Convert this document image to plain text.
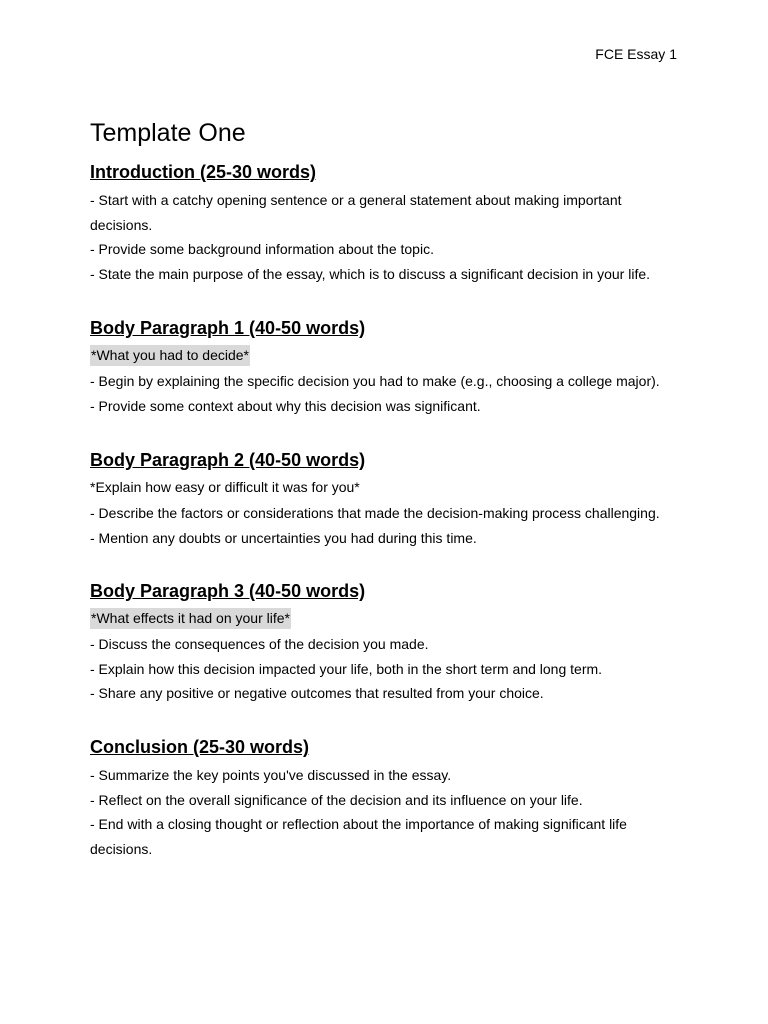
FCE Essay 1
Template One
Introduction (25-30 words)

- Start with a catchy opening sentence or a general statement about making important decisions.

- Provide some background information about the topic.

- State the main purpose of the essay, which is to discuss a significant decision in your life.

Body Paragraph 1 (40-50 words)
*What you had to decide*

- Begin by explaining the specific decision you had to make (e.g., choosing a college major).

- Provide some context about why this decision was significant.

Body Paragraph 2 (40-50 words)
*Explain how easy or difficult it was for you*

- Describe the factors or considerations that made the decision-making process challenging.

- Mention any doubts or uncertainties you had during this time.

Body Paragraph 3 (40-50 words)
*What effects it had on your life*

- Discuss the consequences of the decision you made.

- Explain how this decision impacted your life, both in the short term and long term.

- Share any positive or negative outcomes that resulted from your choice.

Conclusion (25-30 words)

- Summarize the key points you've discussed in the essay.

- Reflect on the overall significance of the decision and its influence on your life.

- End with a closing thought or reflection about the importance of making significant life decisions.
